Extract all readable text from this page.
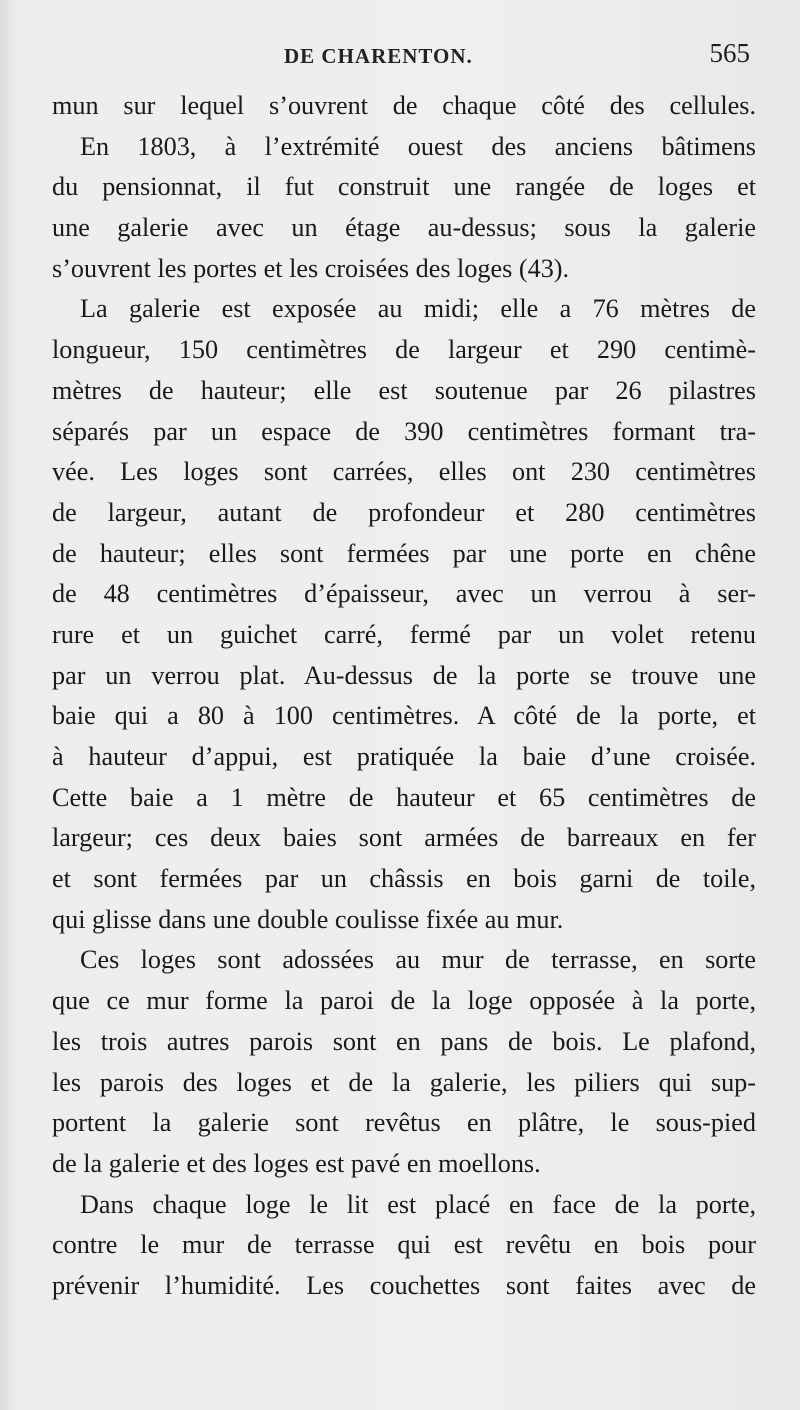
DE CHARENTON.	565
mun sur lequel s’ouvrent de chaque côté des cellules.
En 1803, à l’extrémité ouest des anciens bâtimens
du pensionnat, il fut construit une rangée de loges et
une galerie avec un étage au-dessus; sous la galerie
s’ouvrent les portes et les croisées des loges (43).
La galerie est exposée au midi; elle a 76 mètres de
longueur, 150 centimètres de largeur et 290 centimè-
mètres de hauteur; elle est soutenue par 26 pilastres
séparés par un espace de 390 centimètres formant tra-
vée. Les loges sont carrées, elles ont 230 centimètres
de largeur, autant de profondeur et 280 centimètres
de hauteur; elles sont fermées par une porte en chêne
de 48 centimètres d’épaisseur, avec un verrou à ser-
rure et un guichet carré, fermé par un volet retenu
par un verrou plat. Au-dessus de la porte se trouve une
baie qui a 80 à 100 centimètres. A côté de la porte, et
à hauteur d’appui, est pratiquée la baie d’une croisée.
Cette baie a 1 mètre de hauteur et 65 centimètres de
largeur; ces deux baies sont armées de barreaux en fer
et sont fermées par un châssis en bois garni de toile,
qui glisse dans une double coulisse fixée au mur.
Ces loges sont adossées au mur de terrasse, en sorte
que ce mur forme la paroi de la loge opposée à la porte,
les trois autres parois sont en pans de bois. Le plafond,
les parois des loges et de la galerie, les piliers qui sup-
portent la galerie sont revêtus en plâtre, le sous-pied
de la galerie et des loges est pavé en moellons.
Dans chaque loge le lit est placé en face de la porte,
contre le mur de terrasse qui est revêtu en bois pour
prévenir l’humidité. Les couchettes sont faites avec de
